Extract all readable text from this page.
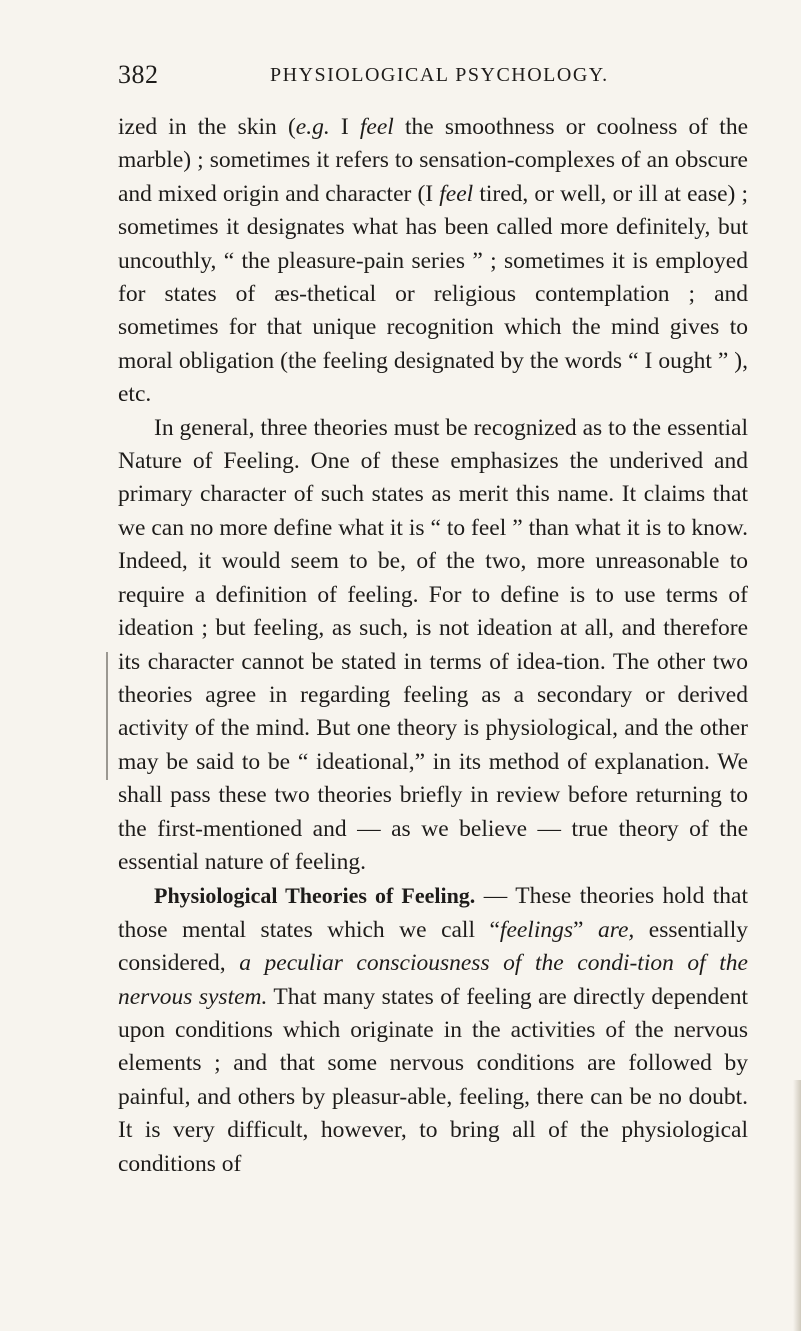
382	PHYSIOLOGICAL PSYCHOLOGY.

ized in the skin (e.g. I feel the smoothness or coolness of the marble) ; sometimes it refers to sensation-complexes of an obscure and mixed origin and character (I feel tired, or well, or ill at ease) ; sometimes it designates what has been called more definitely, but uncouthly, “ the pleasure-pain series ” ; sometimes it is employed for states of æs-thetical or religious contemplation ; and sometimes for that unique recognition which the mind gives to moral obligation (the feeling designated by the words “ I ought ” ), etc.

In general, three theories must be recognized as to the essential Nature of Feeling. One of these emphasizes the underived and primary character of such states as merit this name. It claims that we can no more define what it is “ to feel ” than what it is to know. Indeed, it would seem to be, of the two, more unreasonable to require a definition of feeling. For to define is to use terms of ideation ; but feeling, as such, is not ideation at all, and therefore its character cannot be stated in terms of idea-tion. The other two theories agree in regarding feeling as a secondary or derived activity of the mind. But one theory is physiological, and the other may be said to be “ ideational,” in its method of explanation. We shall pass these two theories briefly in review before returning to the first-mentioned and — as we believe — true theory of the essential nature of feeling.

Physiological Theories of Feeling. — These theories hold that those mental states which we call “feelings” are, essentially considered, a peculiar consciousness of the condi-tion of the nervous system. That many states of feeling are directly dependent upon conditions which originate in the activities of the nervous elements ; and that some nervous conditions are followed by painful, and others by pleasur-able, feeling, there can be no doubt. It is very difficult, however, to bring all of the physiological conditions of
